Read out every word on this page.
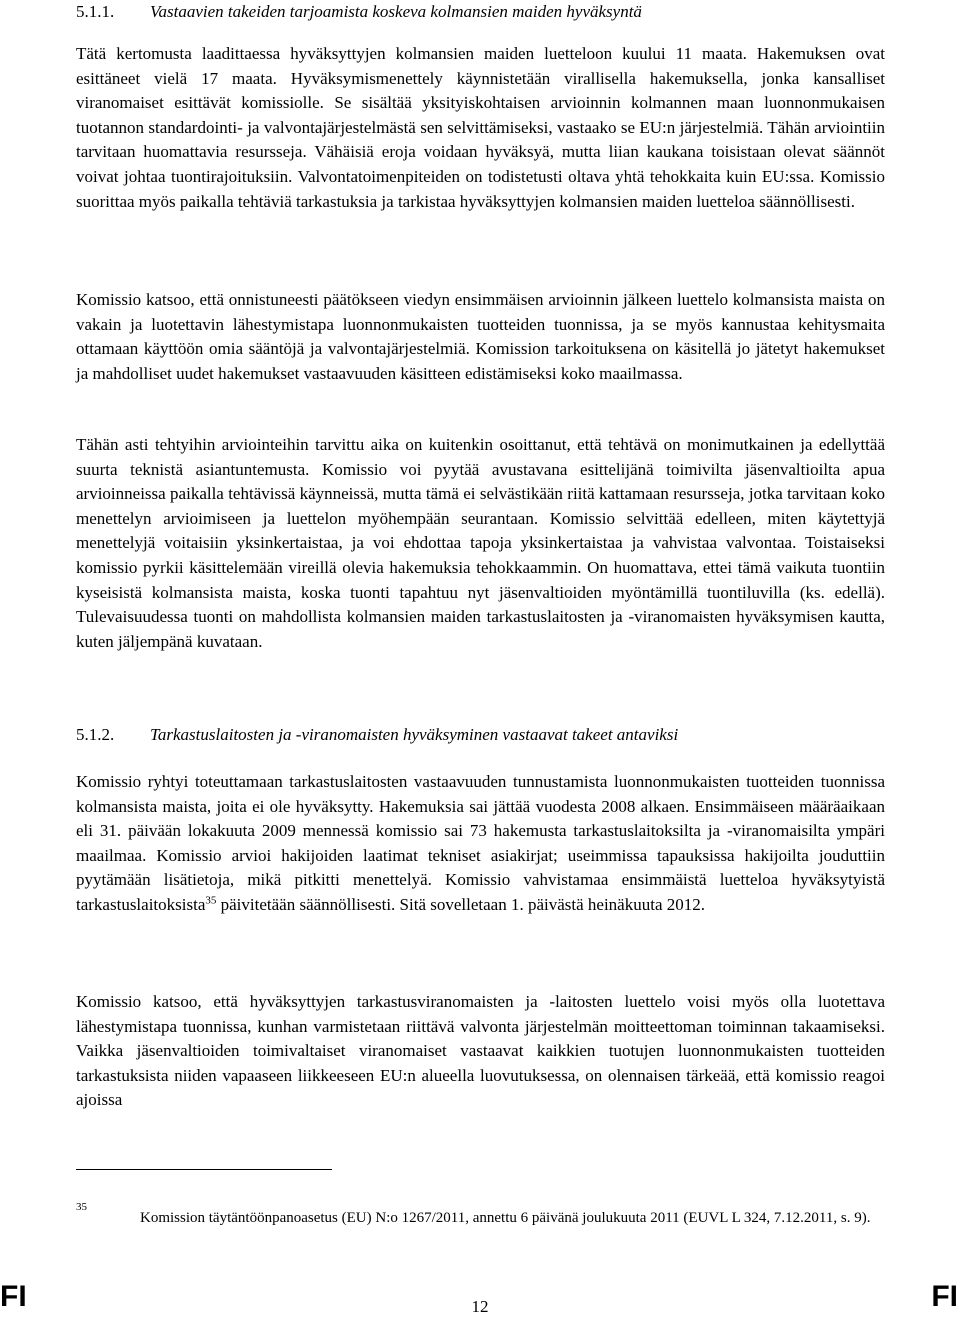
5.1.1. Vastaavien takeiden tarjoamista koskeva kolmansien maiden hyväksyntä

Tätä kertomusta laadittaessa hyväksyttyjen kolmansien maiden luetteloon kuului 11 maata. Hakemuksen ovat esittäneet vielä 17 maata. Hyväksymismenettely käynnistetään virallisella hakemuksella, jonka kansalliset viranomaiset esittävät komissiolle. Se sisältää yksityiskohtaisen arvioinnin kolmannen maan luonnonmukaisen tuotannon standardointi- ja valvontajärjestelmästä sen selvittämiseksi, vastaako se EU:n järjestelmiä. Tähän arviointiin tarvitaan huomattavia resursseja. Vähäisiä eroja voidaan hyväksyä, mutta liian kaukana toisistaan olevat säännöt voivat johtaa tuontirajoituksiin. Valvontatoimenpiteiden on todistetusti oltava yhtä tehokkaita kuin EU:ssa. Komissio suorittaa myös paikalla tehtäviä tarkastuksia ja tarkistaa hyväksyttyjen kolmansien maiden luetteloa säännöllisesti.

Komissio katsoo, että onnistuneesti päätökseen viedyn ensimmäisen arvioinnin jälkeen luettelo kolmansista maista on vakain ja luotettavin lähestymistapa luonnonmukaisten tuotteiden tuonnissa, ja se myös kannustaa kehitysmaita ottamaan käyttöön omia sääntöjä ja valvontajärjestelmiä. Komission tarkoituksena on käsitellä jo jätetyt hakemukset ja mahdolliset uudet hakemukset vastaavuuden käsitteen edistämiseksi koko maailmassa.

Tähän asti tehtyihin arviointeihin tarvittu aika on kuitenkin osoittanut, että tehtävä on monimutkainen ja edellyttää suurta teknistä asiantuntemusta. Komissio voi pyytää avustavana esittelijänä toimivilta jäsenvaltioilta apua arvioinneissa paikalla tehtävissä käynneissä, mutta tämä ei selvästikään riitä kattamaan resursseja, jotka tarvitaan koko menettelyn arvioimiseen ja luettelon myöhempään seurantaan. Komissio selvittää edelleen, miten käytettyjä menettelyjä voitaisiin yksinkertaistaa, ja voi ehdottaa tapoja yksinkertaistaa ja vahvistaa valvontaa. Toistaiseksi komissio pyrkii käsittelemään vireillä olevia hakemuksia tehokkaammin. On huomattava, ettei tämä vaikuta tuontiin kyseisistä kolmansista maista, koska tuonti tapahtuu nyt jäsenvaltioiden myöntämillä tuontiluvilla (ks. edellä). Tulevaisuudessa tuonti on mahdollista kolmansien maiden tarkastuslaitosten ja -viranomaisten hyväksymisen kautta, kuten jäljempänä kuvataan.

5.1.2. Tarkastuslaitosten ja -viranomaisten hyväksyminen vastaavat takeet antaviksi

Komissio ryhtyi toteuttamaan tarkastuslaitosten vastaavuuden tunnustamista luonnonmukaisten tuotteiden tuonnissa kolmansista maista, joita ei ole hyväksytty. Hakemuksia sai jättää vuodesta 2008 alkaen. Ensimmäiseen määräaikaan eli 31. päivään lokakuuta 2009 mennessä komissio sai 73 hakemusta tarkastuslaitoksilta ja -viranomaisilta ympäri maailmaa. Komissio arvioi hakijoiden laatimat tekniset asiakirjat; useimmissa tapauksissa hakijoilta jouduttiin pyytämään lisätietoja, mikä pitkitti menettelyä. Komissio vahvistamaa ensimmäistä luetteloa hyväksytyistä tarkastuslaitoksista$^{35}$ päivitetään säännöllisesti. Sitä sovelletaan 1. päivästä heinäkuuta 2012.

Komissio katsoo, että hyväksyttyjen tarkastusviranomaisten ja -laitosten luettelo voisi myös olla luotettava lähestymistapa tuonnissa, kunhan varmistetaan riittävä valvonta järjestelmän moitteettoman toiminnan takaamiseksi. Vaikka jäsenvaltioiden toimivaltaiset viranomaiset vastaavat kaikkien tuotujen luonnonmukaisten tuotteiden tarkastuksista niiden vapaaseen liikkeeseen EU:n alueella luovutuksessa, on olennaisen tärkeää, että komissio reagoi ajoissa

35

Komission täytäntöönpanoasetus (EU) N:o 1267/2011, annettu 6 päivänä joulukuuta 2011 (EUVL L 324, 7.12.2011, s. 9).

FI	12	FI
